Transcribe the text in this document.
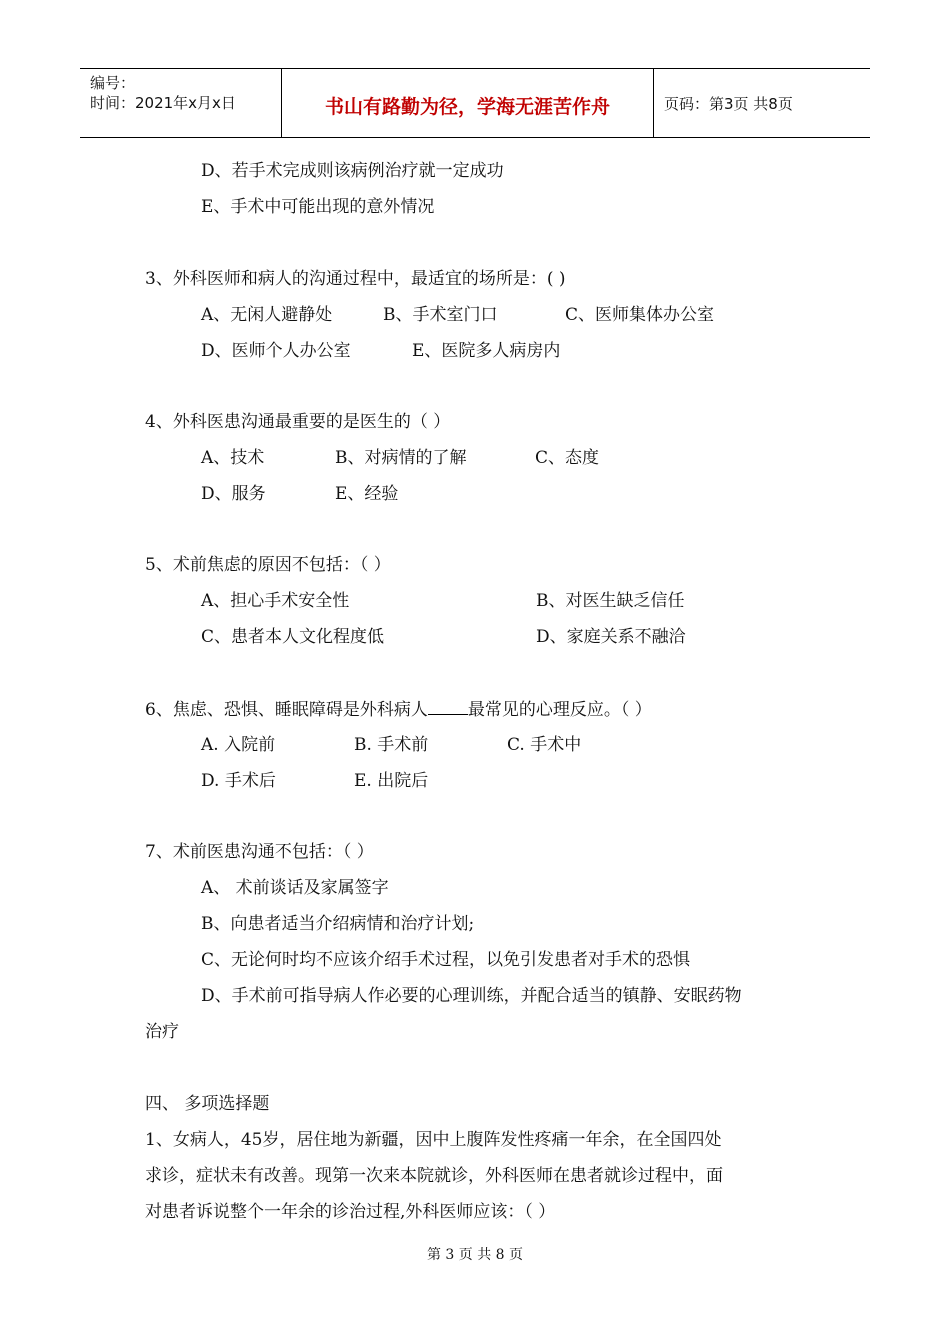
编号：
时间：2021年x月x日	书山有路勤为径，学海无涯苦作舟	页码：第3页 共8页
D、若手术完成则该病例治疗就一定成功
E、手术中可能出现的意外情况
3、外科医师和病人的沟通过程中，最适宜的场所是：( )
A、无闲人避静处	B、手术室门口	C、医师集体办公室
D、医师个人办公室	E、医院多人病房内
4、外科医患沟通最重要的是医生的（ ）
A、技术	B、对病情的了解	C、态度
D、服务	E、经验
5、术前焦虑的原因不包括：（ ）
A、担心手术安全性	B、对医生缺乏信任
C、患者本人文化程度低	D、家庭关系不融洽
6、焦虑、恐惧、睡眠障碍是外科病人 最常见的心理反应。（ ）
A. 入院前	B. 手术前	C. 手术中
D. 手术后	E. 出院后
7、术前医患沟通不包括：（ ）
A、 术前谈话及家属签字
B、向患者适当介绍病情和治疗计划;
C、无论何时均不应该介绍手术过程，以免引发患者对手术的恐惧
D、手术前可指导病人作必要的心理训练，并配合适当的镇静、安眠药物
治疗
四、 多项选择题
1、女病人，45岁，居住地为新疆，因中上腹阵发性疼痛一年余，在全国四处
求诊，症状未有改善。现第一次来本院就诊，外科医师在患者就诊过程中，面
对患者诉说整个一年余的诊治过程,外科医师应该：（ ）
第 3 页 共 8 页
